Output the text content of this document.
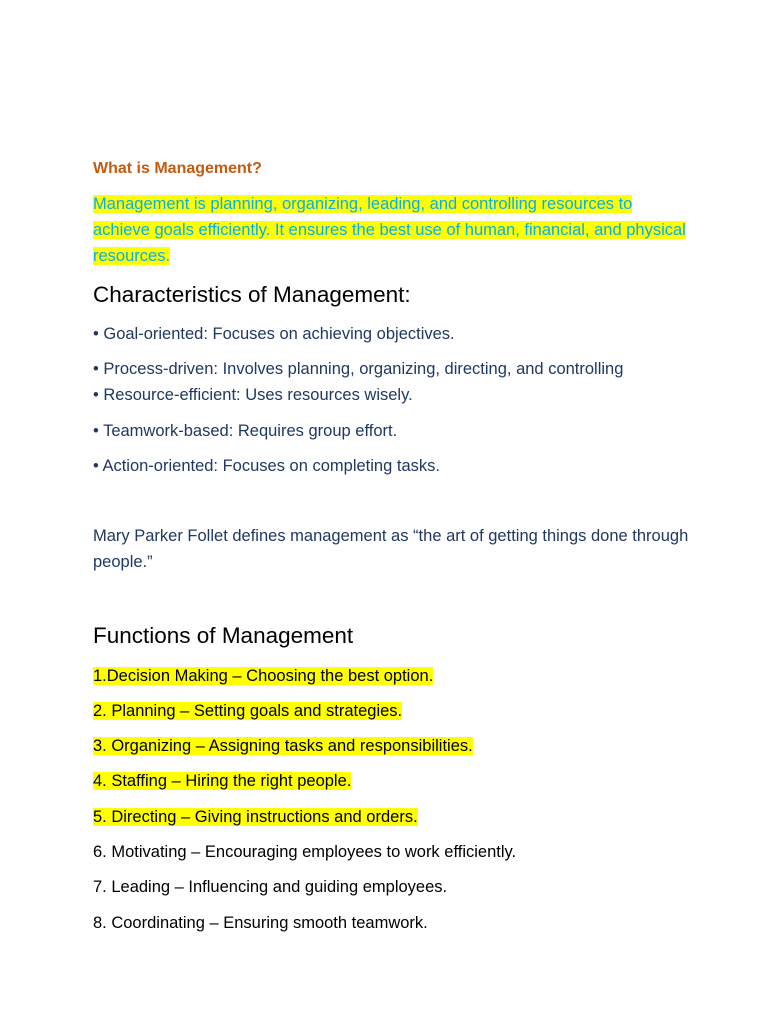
What is Management?

Management is planning, organizing, leading, and controlling resources to achieve goals efficiently. It ensures the best use of human, financial, and physical resources.

Characteristics of Management:

• Goal-oriented: Focuses on achieving objectives.

• Process-driven: Involves planning, organizing, directing, and controlling

• Resource-efficient: Uses resources wisely.

• Teamwork-based: Requires group effort.

• Action-oriented: Focuses on completing tasks.

Mary Parker Follet defines management as “the art of getting things done through people.”

Functions of Management

1.Decision Making – Choosing the best option.

2. Planning – Setting goals and strategies.

3. Organizing – Assigning tasks and responsibilities.

4. Staffing – Hiring the right people.

5. Directing – Giving instructions and orders.

6. Motivating – Encouraging employees to work efficiently.

7. Leading – Influencing and guiding employees.

8. Coordinating – Ensuring smooth teamwork.
